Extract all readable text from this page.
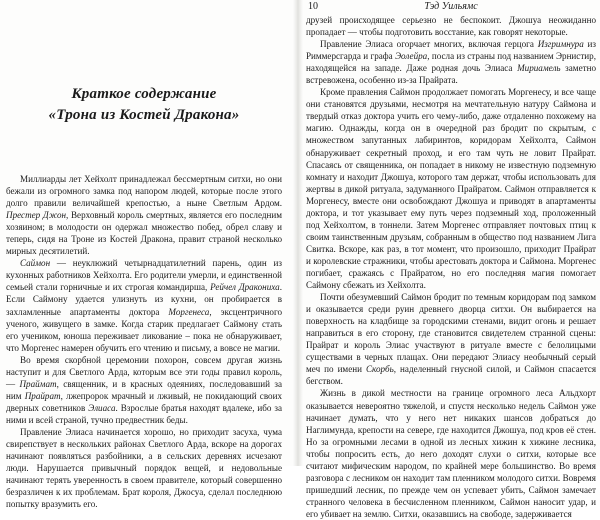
Краткое содержание
«Трона из Костей Дракона»

Миллиарды лет Хейхолт принадлежал бессмертным ситхи, но они бежали из огромного замка под напором людей, которые после этого долго правили величайшей крепостью, а ныне Светлым Ардом. Престер Джон, Верховный король смертных, является его последним хозяином; в молодости он одержал множество побед, обрел славу и теперь, сидя на Троне из Костей Дракона, правит страной несколько мирных десятилетий.

Саймон — неуклюжий четырнадцатилетний парень, один из кухонных работников Хейхолта. Его родители умерли, и единственной семьей стали горничные и их строгая командирша, Рейчел Дракониха. Если Саймону удается улизнуть из кухни, он пробирается в захламленные апартаменты доктора Моргенеса, эксцентричного ученого, живущего в замке. Когда старик предлагает Саймону стать его учеником, юноша переживает ликование – пока не обнаруживает, что Моргенес намерен обучить его чтению и письму, а вовсе не магии.

Во время скорбной церемонии похорон, совсем другая жизнь наступит и для Светлого Арда, которым все эти годы правил король, — Праймат, священник, и в красных одеяниях, последовавший за ним Прайрат, лжепророк мрачный и лживый, не покидающий своих дверных советников Элиаса. Взрослые братья находят вдалеке, ибо за ними и всей страной, тучно предвестник беды.

Правление Элиаса начинается хорошо, но приходит засуха, чума свирепствует в нескольких районах Светлого Арда, вскоре на дорогах начинают появляться разбойники, а в сельских деревнях исчезают люди. Нарушается привычный порядок вещей, и недовольные начинают терять уверенность в своем правителе, который совершенно безразличен к их проблемам. Брат короля, Джосуа, сделал последнюю попытку вразумить его.

10	Тэд Уильямс

друзей происходящее серьезно не беспокоит. Джошуа неожиданно пропадает — чтобы подготовить восстание, как говорят некоторые.

Правление Элиаса огорчает многих, включая герцога Изгримнура из Риммерсгарда и графа Эолейра, посла из страны под названием Эрнистир, находящейся на западе. Даже родная дочь Элиаса Мириамель заметно встревожена, особенно из-за Прайрата.

Кроме правления Саймон продолжает помогать Моргенесу, и все чаще они становятся друзьями, несмотря на мечтательную натуру Саймона и твердый отказ доктора учить его чему-либо, даже отдаленно похожему на магию. Однажды, когда он в очередной раз бродит по скрытым, с множеством запутанных лабиринтов, коридорам Хейхолта, Саймон обнаруживает секретный проход, и его там чуть не ловит Прайрат. Спасаясь от священника, он попадает в никому не известную подземную комнату и находит Джошуа, которого там держат, чтобы использовать для жертвы в дикой ритуала, задуманного Прайратом. Саймон отправляется к Моргенесу, вместе они освобождают Джошуа и приводят в апартаменты доктора, и тот указывает ему путь через подземный ход, проложенный под Хейхолтом, в тоннели. Затем Моргенес отправляет почтовых птиц к своим таинственным друзьям, собранным в общество под названием Лига Свитка. Вскоре, как раз, в тот момент, что произошло, приходит Прайрат и королевские стражники, чтобы арестовать доктора и Саймона. Моргенес погибает, сражаясь с Прайратом, но его последняя магия помогает Саймону сбежать из Хейхолта.

Почти обезумевший Саймон бродит по темным коридорам под замком и оказывается среди руин древнего дворца ситхи. Он выбирается на поверхность на кладбище за городскими стенами, видит огонь и решает направиться в его сторону, где становится свидетелем странной сцены: Прайрат и король Элиас участвуют в ритуале вместе с белолицыми существами в черных плащах. Они передают Элиасу необычный серый меч по имени Скорбь, наделенный гнусной силой, и Саймон спасается бегством.

Жизнь в дикой местности на границе огромного леса Альдхорт оказывается невероятно тяжелой, и спустя несколько недель Саймон уже начинает думать, что у него нет никаких шансов добраться до Наглимунда, крепости на севере, где находится Джошуа, под кров её стен. Но за огромными лесами в одной из лесных хижин к хижине лесника, чтобы попросить есть, до него доходят слухи о ситхи, которые все считают мифическим народом, по крайней мере большинство. Во время разговора с лесником он находит там пленником молодого ситхи. Вовремя пришедший лесник, по прежде чем он успевает убить, Саймон замечает странного человека в бесчисленном пленником, Саймон наносит удар, и его убивает на землю. Ситхи, оказавшись на свободе, задерживается
